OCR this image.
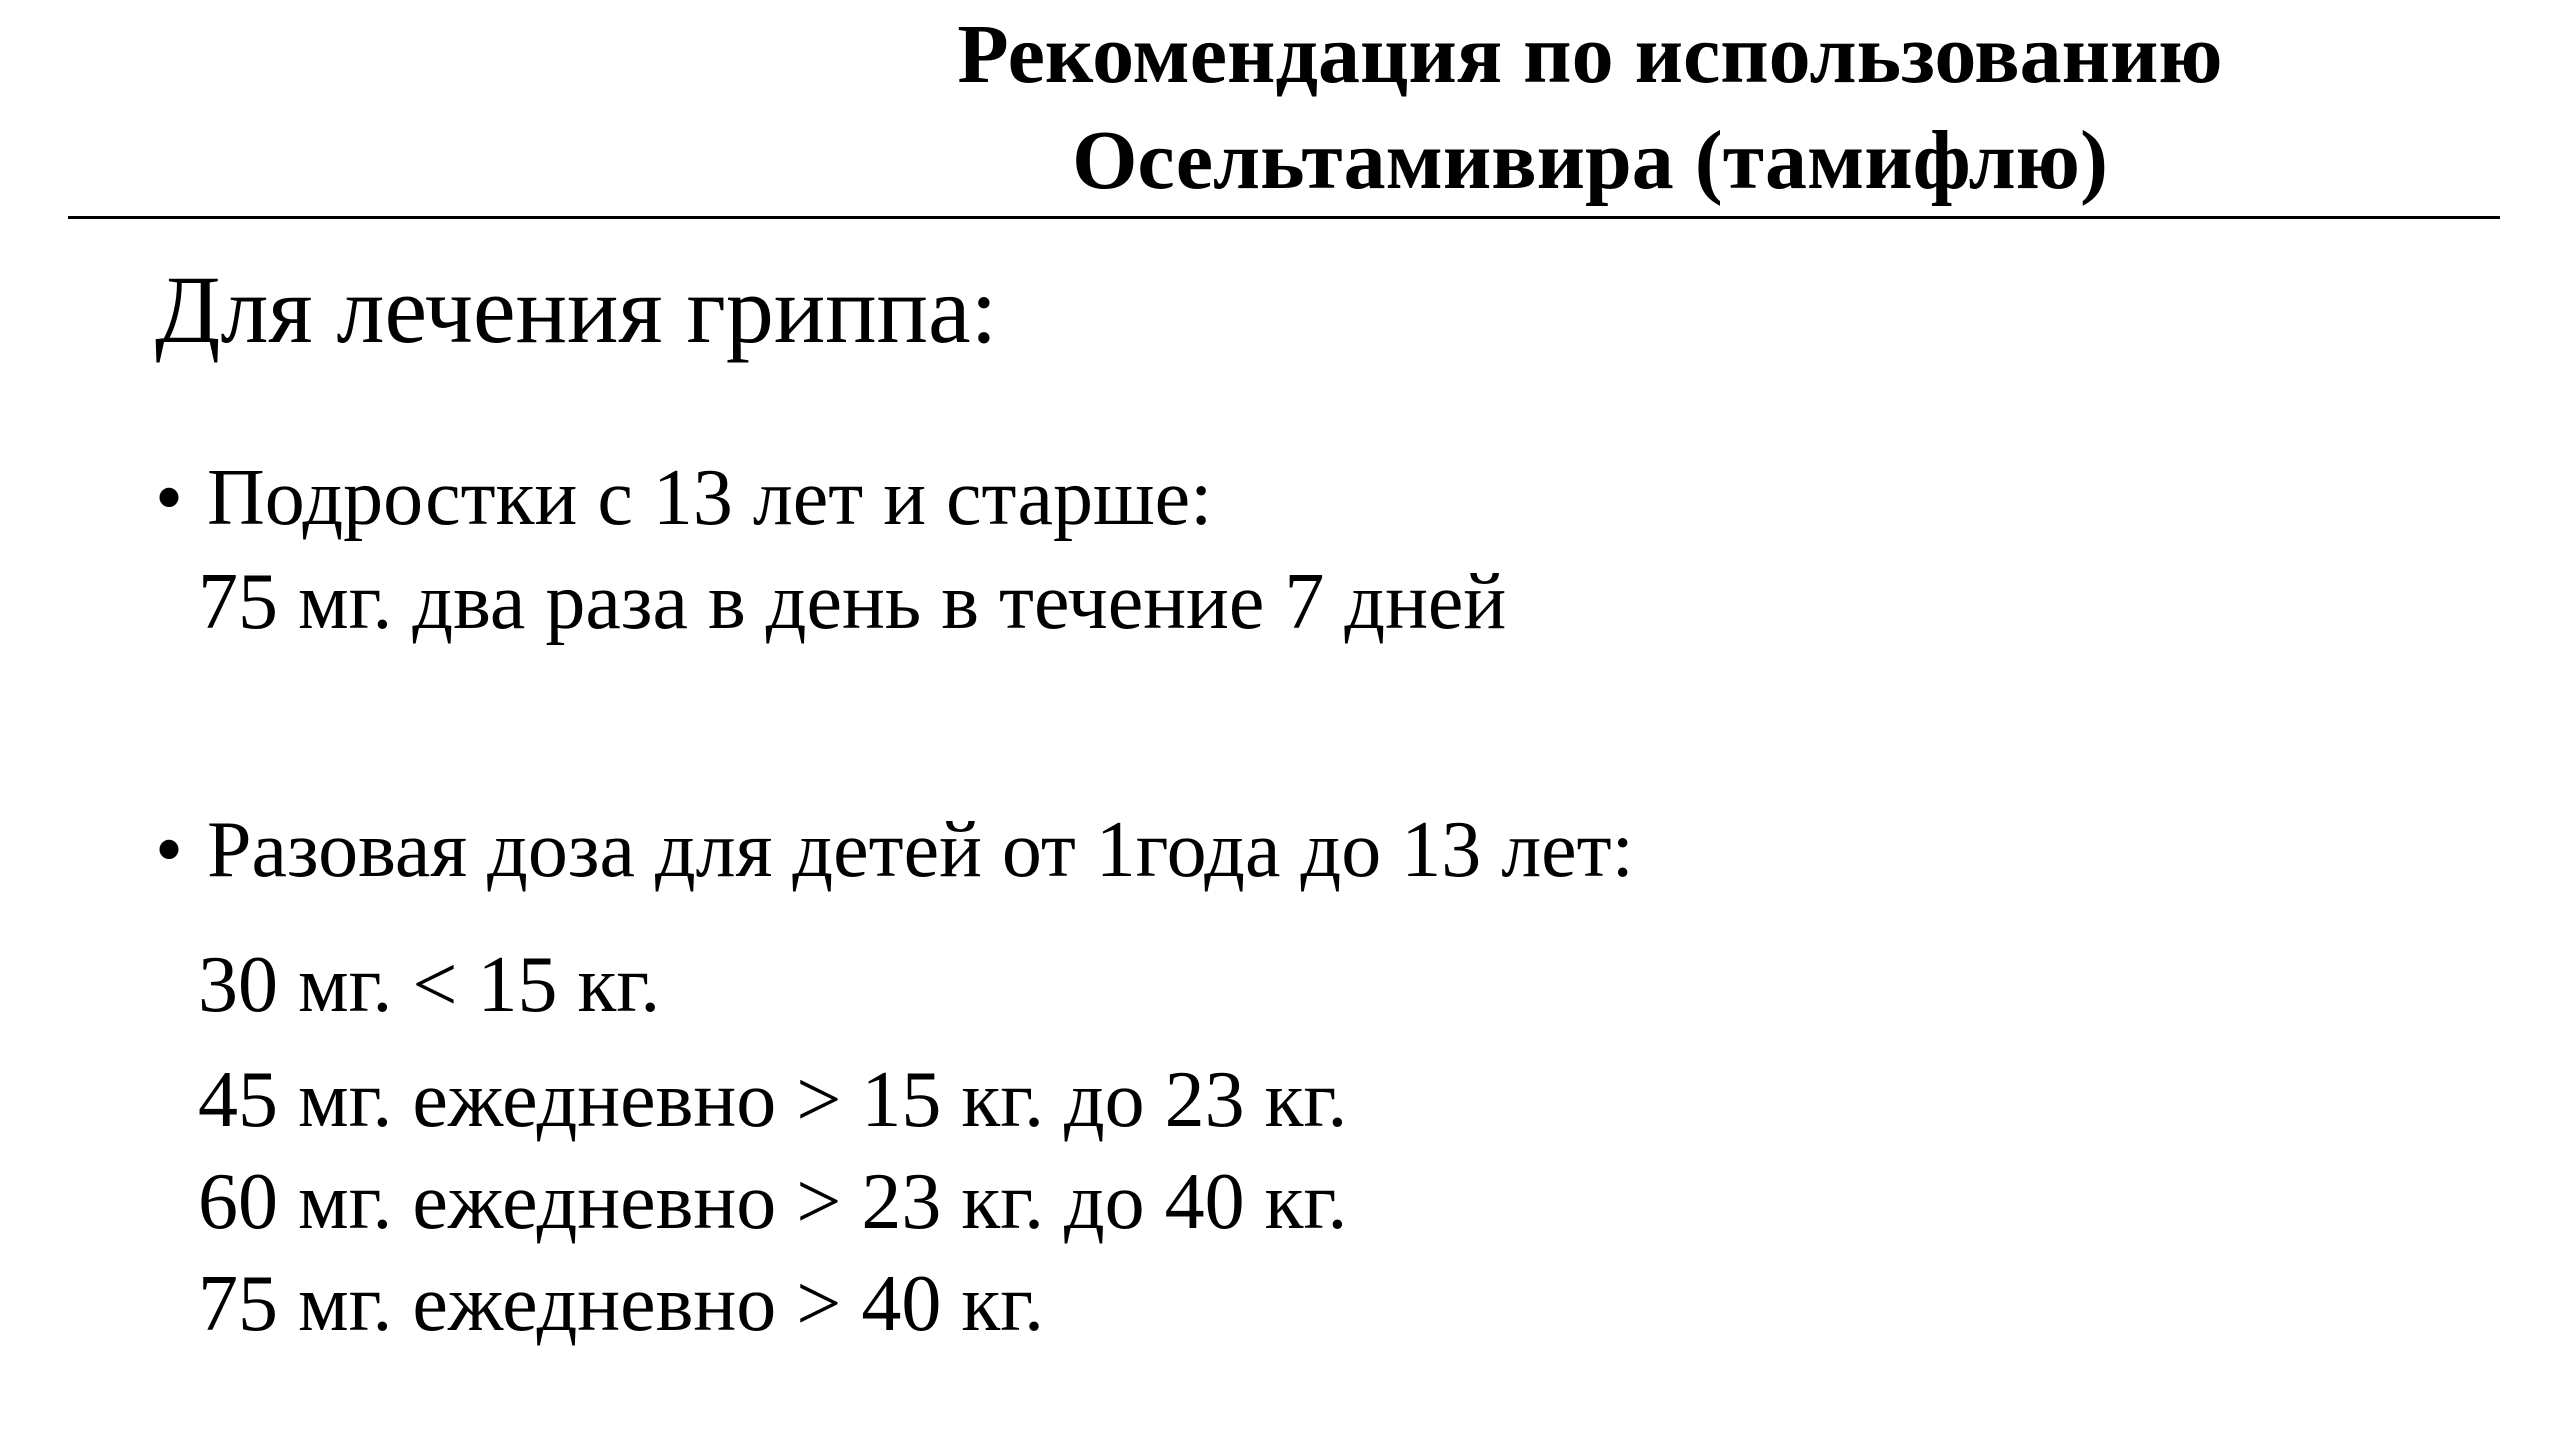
Рекомендация по использованию
Осельтамивира (тамифлю)

Для лечения гриппа:

• Подростки с 13 лет и старше:

75 мг. два раза в день в течение 7 дней

• Разовая доза для детей от 1года до 13 лет:

30 мг. < 15 кг.

45 мг. ежедневно > 15 кг. до 23 кг.

60 мг. ежедневно > 23 кг. до 40 кг.

75 мг. ежедневно > 40 кг.
